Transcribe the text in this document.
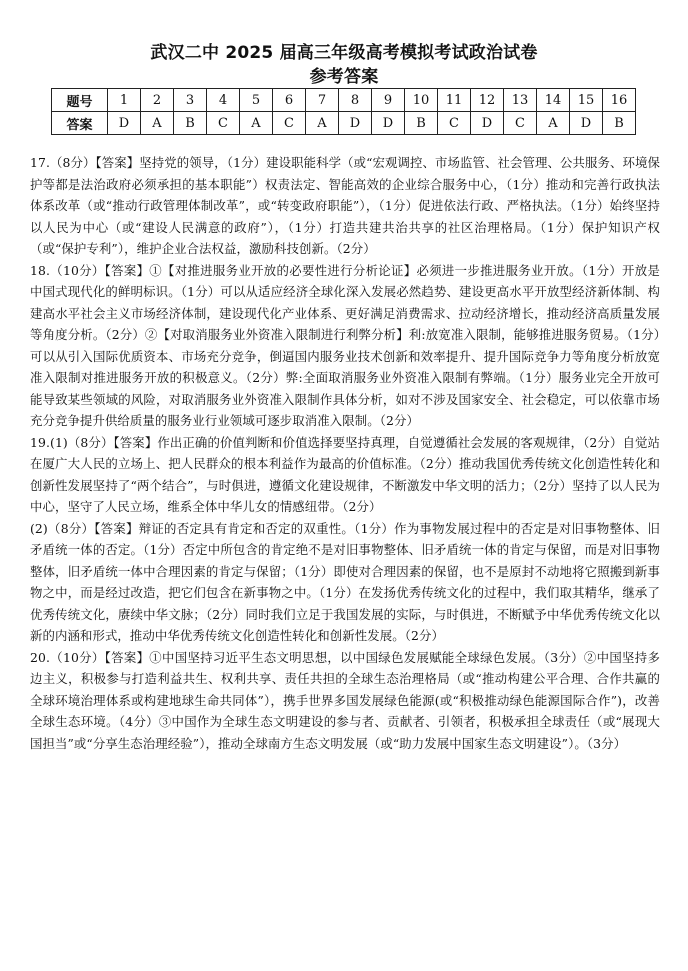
武汉二中 2025 届高三年级高考模拟考试政治试卷
参考答案
题号	1	2	3	4	5	6	7	8	9	10	11	12	13	14	15	16
答案	D	A	B	C	A	C	A	D	D	B	C	D	C	A	D	B

17.（8分）【答案】坚持党的领导，（1分）建设职能科学（或“宏观调控、市场监管、社会管理、公共服务、环境保护等都是法治政府必须承担的基本职能”）权责法定、智能高效的企业综合服务中心，（1分）推动和完善行政执法体系改革（或“推动行政管理体制改革”，或“转变政府职能”），（1分）促进依法行政、严格执法。（1分）始终坚持以人民为中心（或“建设人民满意的政府”），（1分）打造共建共治共享的社区治理格局。（1分）保护知识产权（或“保护专利”），维护企业合法权益，激励科技创新。（2分）

18.（10分）【答案】①【对推进服务业开放的必要性进行分析论证】必须进一步推进服务业开放。（1分）开放是中国式现代化的鲜明标识。（1分）可以从适应经济全球化深入发展必然趋势、建设更高水平开放型经济新体制、构建高水平社会主义市场经济体制，建设现代化产业体系、更好满足消费需求、拉动经济增长，推动经济高质量发展等角度分析。（2分）②【对取消服务业外资准入限制进行利弊分析】利:放宽准入限制，能够推进服务贸易。（1分）可以从引入国际优质资本、市场充分竞争，倒逼国内服务业技术创新和效率提升、提升国际竞争力等角度分析放宽准入限制对推进服务开放的积极意义。（2分）弊:全面取消服务业外资准入限制有弊端。（1分）服务业完全开放可能导致某些领域的风险，对取消服务业外资准入限制作具体分析，如对不涉及国家安全、社会稳定，可以依靠市场充分竞争提升供给质量的服务业行业领域可逐步取消准入限制。（2分）

19.(1)（8分）【答案】作出正确的价值判断和价值选择要坚持真理，自觉遵循社会发展的客观规律，（2分）自觉站在厦广大人民的立场上、把人民群众的根本利益作为最高的价值标准。（2分）推动我国优秀传统文化创造性转化和创新性发展坚持了“两个结合”，与时俱进，遵循文化建设规律，不断激发中华文明的活力；（2分）坚持了以人民为中心，坚守了人民立场，维系全体中华儿女的情感纽带。（2分）

(2)（8分）【答案】辩证的否定具有肯定和否定的双重性。（1分）作为事物发展过程中的否定是对旧事物整体、旧矛盾统一体的否定。（1分）否定中所包含的肯定绝不是对旧事物整体、旧矛盾统一体的肯定与保留，而是对旧事物整体，旧矛盾统一体中合理因素的肯定与保留；（1分）即使对合理因素的保留，也不是原封不动地将它照搬到新事物之中，而是经过改造，把它们包含在新事物之中。（1分）在发扬优秀传统文化的过程中，我们取其精华，继承了优秀传统文化，赓续中华文脉；（2分）同时我们立足于我国发展的实际，与时俱进，不断赋予中华优秀传统文化以新的内涵和形式，推动中华优秀传统文化创造性转化和创新性发展。（2分）

20.（10分）【答案】①中国坚持习近平生态文明思想，以中国绿色发展赋能全球绿色发展。（3分）②中国坚持多边主义，积极参与打造利益共生、权利共享、责任共担的全球生态治理格局（或“推动构建公平合理、合作共赢的全球环境治理体系或构建地球生命共同体”），携手世界多国发展绿色能源(或“积极推动绿色能源国际合作”)，改善全球生态环境。（4分）③中国作为全球生态文明建设的参与者、贡献者、引领者，积极承担全球责任（或“展现大国担当”或“分享生态治理经验”），推动全球南方生态文明发展（或“助力发展中国家生态文明建设”）。（3分）
